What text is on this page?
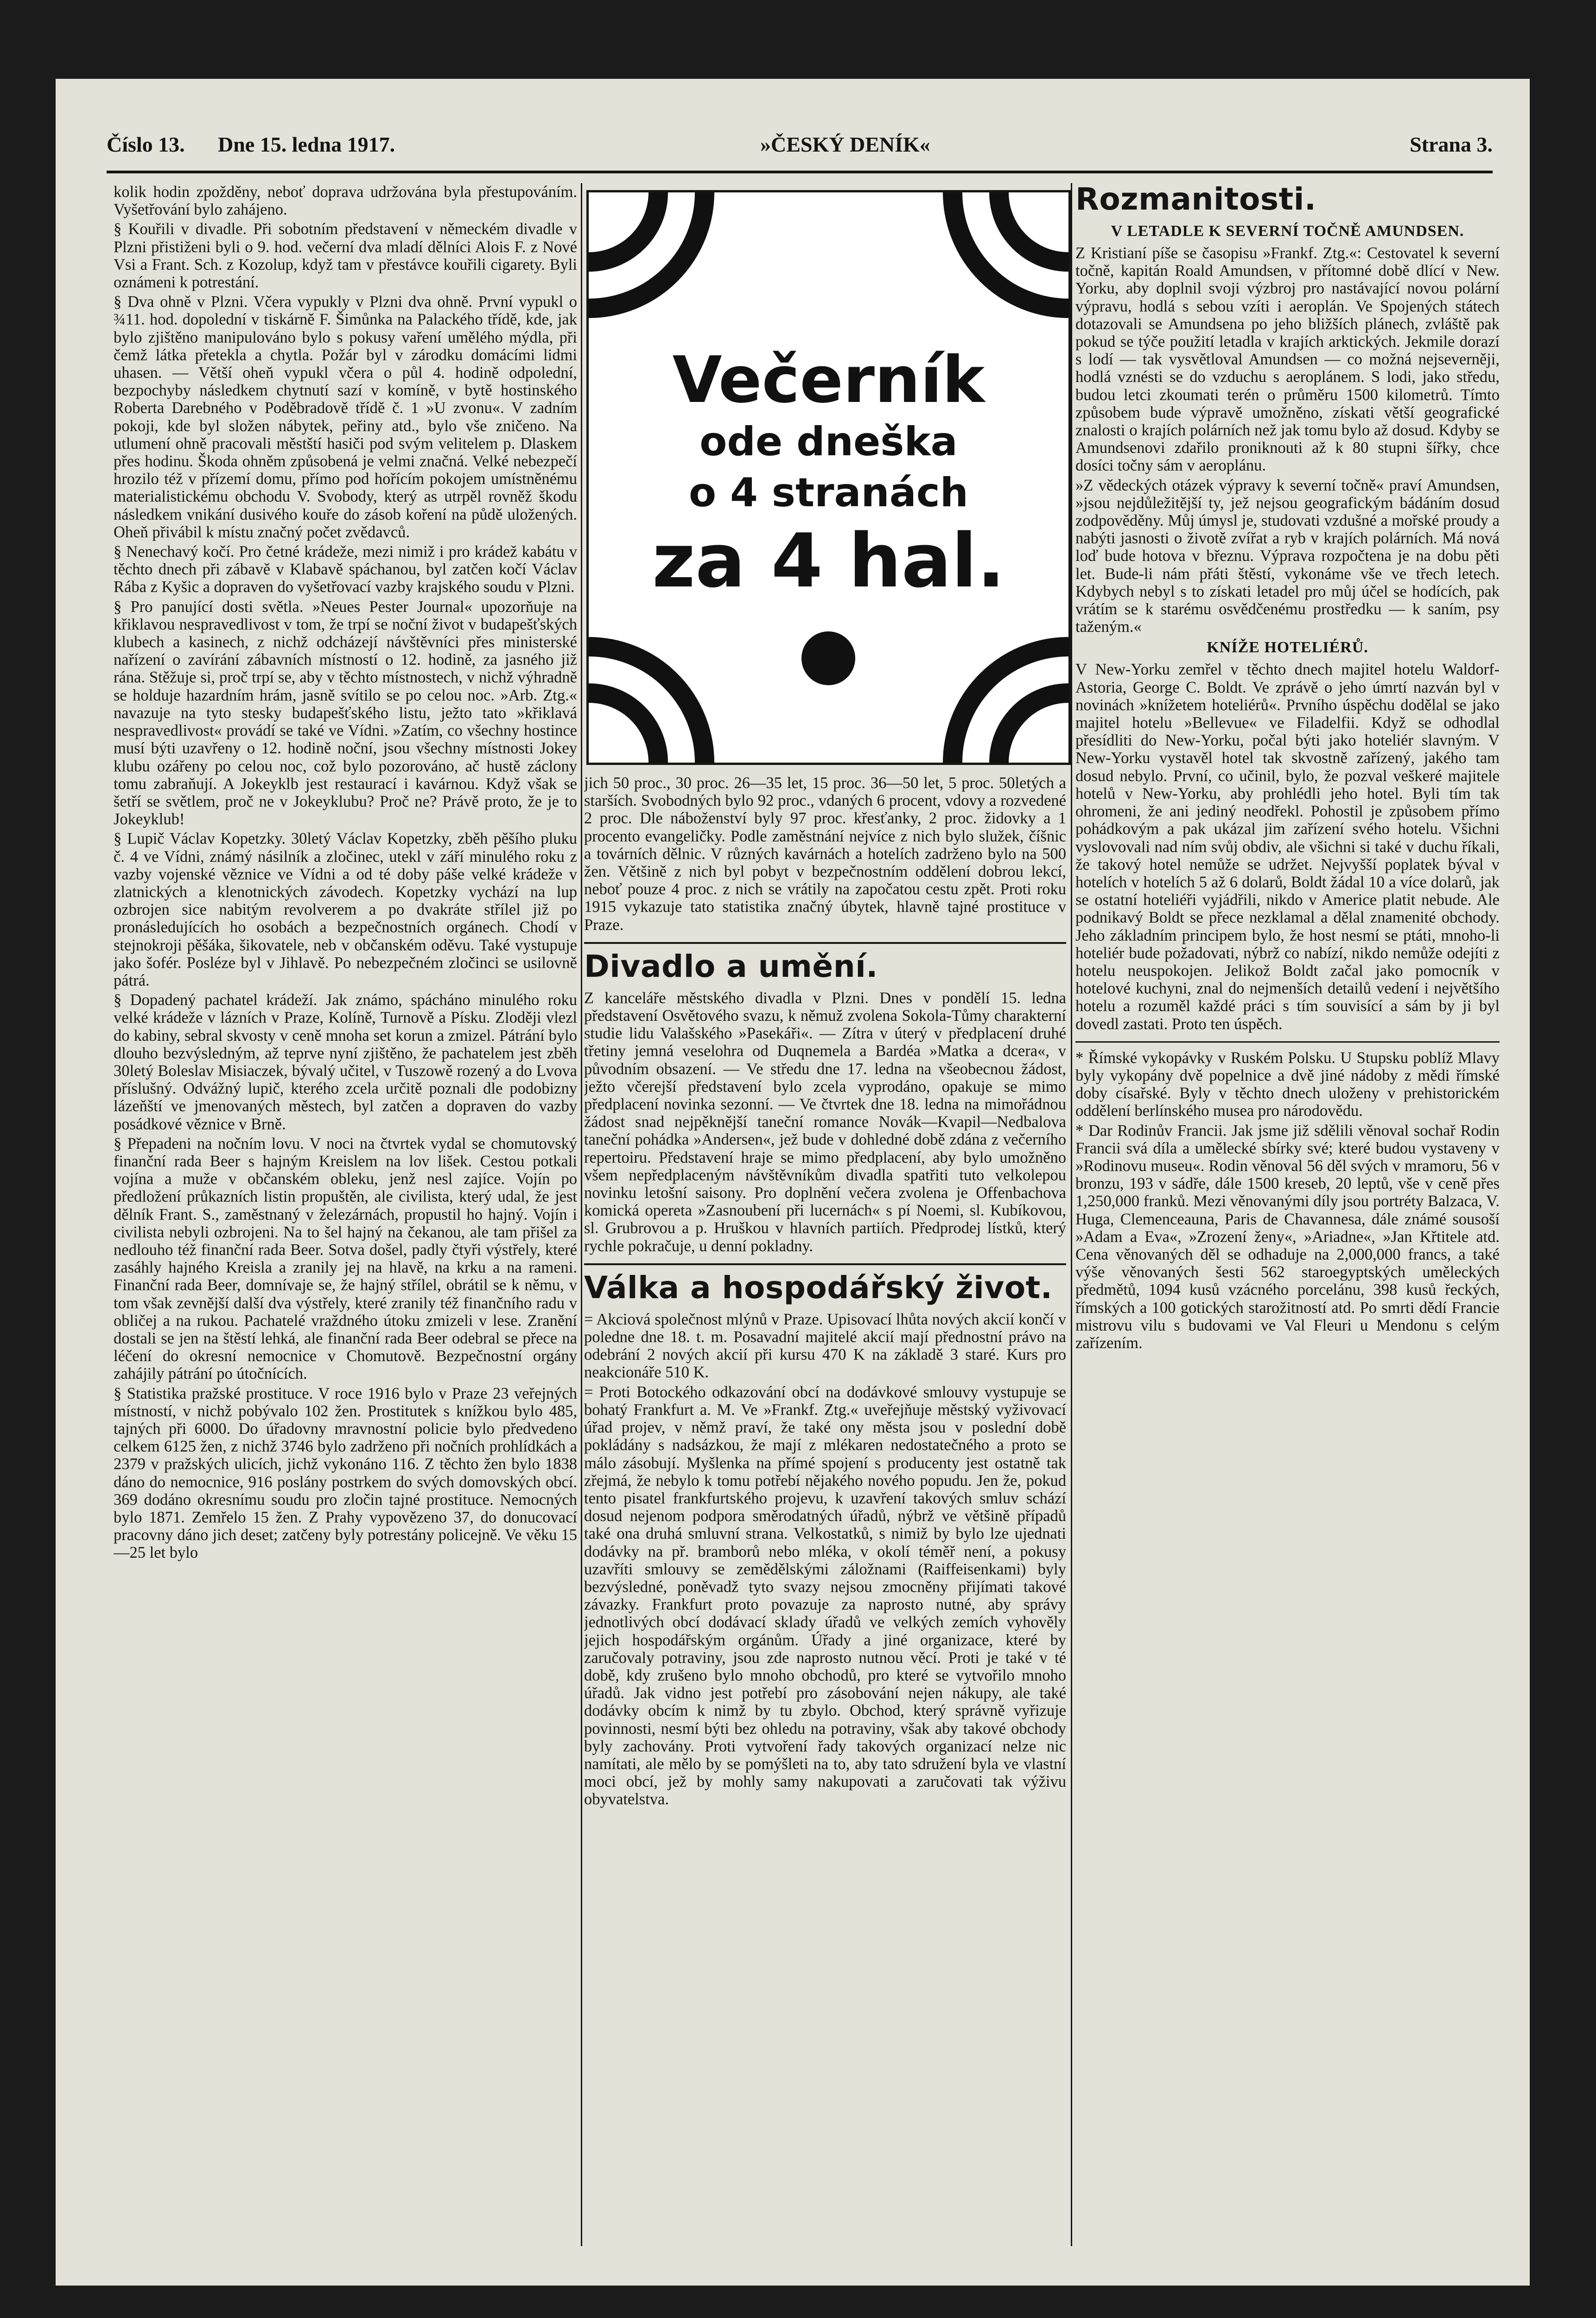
Číslo 13. Dne 15. ledna 1917.	»ČESKÝ DENÍK«	Strana 3.

kolik hodin zpožděny, neboť doprava udržována byla přestupováním. Vyšetřování bylo zahájeno.

§ Kouřili v divadle. Při sobotním představení v německém divadle v Plzni přistiženi byli o 9. hod. večerní dva mladí dělníci Alois F. z Nové Vsi a Frant. Sch. z Kozolup, když tam v přestávce kouřili cigarety. Byli oznámeni k potrestání.

§ Dva ohně v Plzni. Včera vypukly v Plzni dva ohně. První vypukl o ¾11. hod. dopolední v tiskárně F. Šimůnka na Palackého třídě, kde, jak bylo zjištěno manipulováno bylo s pokusy vaření umělého mýdla, při čemž látka přetekla a chytla. Požár byl v zárodku domácími lidmi uhasen. — Větší oheň vypukl včera o půl 4. hodině odpolední, bezpochyby následkem chytnutí sazí v komíně, v bytě hostinského Roberta Darebného v Poděbradově třídě č. 1 »U zvonu«. V zadním pokoji, kde byl složen nábytek, peřiny atd., bylo vše zničeno. Na utlumení ohně pracovali městští hasiči pod svým velitelem p. Dlaskem přes hodinu. Škoda ohněm způsobená je velmi značná. Velké nebezpečí hrozilo též v přízemí domu, přímo pod hořícím pokojem umístněnému materialistickému obchodu V. Svobody, který as utrpěl rovněž škodu následkem vnikání dusivého kouře do zásob koření na půdě uložených. Oheň přivábil k místu značný počet zvědavců.

§ Nenechavý kočí. Pro četné krádeže, mezi nimiž i pro krádež kabátu v těchto dnech při zábavě v Klabavě spáchanou, byl zatčen kočí Václav Rába z Kyšic a dopraven do vyšetřovací vazby krajského soudu v Plzni.

§ Pro panující dosti světla. »Neues Pester Journal« upozorňuje na křiklavou nespravedlivost v tom, že trpí se noční život v budapešťských klubech a kasinech, z nichž odcházejí návštěvníci přes ministerské nařízení o zavírání zábavních místností o 12. hodině, za jasného již rána. Stěžuje si, proč trpí se, aby v těchto místnostech, v nichž výhradně se holduje hazardním hrám, jasně svítilo se po celou noc. »Arb. Ztg.« navazuje na tyto stesky budapešťského listu, ježto tato »křiklavá nespravedlivost« provádí se také ve Vídni. »Zatím, co všechny hostince musí býti uzavřeny o 12. hodině noční, jsou všechny místnosti Jokey klubu ozářeny po celou noc, což bylo pozorováno, ač hustě záclony tomu zabraňují. A Jokeyklb jest restaurací i kavárnou. Když však se šetří se světlem, proč ne v Jokeyklubu? Proč ne? Právě proto, že je to Jokeyklub!

§ Lupič Václav Kopetzky. 30letý Václav Kopetzky, zběh pěšího pluku č. 4 ve Vídni, známý násilník a zločinec, utekl v září minulého roku z vazby vojenské věznice ve Vídni a od té doby páše velké krádeže v zlatnických a klenotnických závodech. Kopetzky vychází na lup ozbrojen sice nabitým revolverem a po dvakráte střílel již po pronásledujících ho osobách a bezpečnostních orgánech. Chodí v stejnokroji pěšáka, šikovatele, neb v občanském oděvu. Také vystupuje jako šofér. Posléze byl v Jihlavě. Po nebezpečném zločinci se usilovně pátrá.

§ Dopadený pachatel krádeží. Jak známo, spácháno minulého roku velké krádeže v lázních v Praze, Kolíně, Turnově a Písku. Zloději vlezl do kabiny, sebral skvosty v ceně mnoha set korun a zmizel. Pátrání bylo dlouho bezvýsledným, až teprve nyní zjištěno, že pachatelem jest zběh 30letý Boleslav Misiaczek, bývalý učitel, v Tuszowě rozený a do Lvova příslušný. Odvážný lupič, kterého zcela určitě poznali dle podobizny lázeňští ve jmenovaných městech, byl zatčen a dopraven do vazby posádkové věznice v Brně.

§ Přepadeni na nočním lovu. V noci na čtvrtek vydal se chomutovský finanční rada Beer s hajným Kreislem na lov lišek. Cestou potkali vojína a muže v občanském obleku, jenž nesl zajíce. Vojín po předložení průkazních listin propuštěn, ale civilista, který udal, že jest dělník Frant. S., zaměstnaný v železárnách, propustil ho hajný. Vojín i civilista nebyli ozbrojeni. Na to šel hajný na čekanou, ale tam přišel za nedlouho též finanční rada Beer. Sotva došel, padly čtyři výstřely, které zasáhly hajného Kreisla a zranily jej na hlavě, na krku a na rameni. Finanční rada Beer, domnívaje se, že hajný střílel, obrátil se k němu, v tom však zevnější další dva výstřely, které zranily též finančního radu v obličej a na rukou. Pachatelé vraždného útoku zmizeli v lese. Zranění dostali se jen na štěstí lehká, ale finanční rada Beer odebral se přece na léčení do okresní nemocnice v Chomutově. Bezpečnostní orgány zahájily pátrání po útočnících.

§ Statistika pražské prostituce. V roce 1916 bylo v Praze 23 veřejných místností, v nichž pobývalo 102 žen. Prostitutek s knížkou bylo 485, tajných při 6000. Do úřadovny mravnostní policie bylo předvedeno celkem 6125 žen, z nichž 3746 bylo zadrženo při nočních prohlídkách a 2379 v pražských ulicích, jichž vykonáno 116. Z těchto žen bylo 1838 dáno do nemocnice, 916 poslány postrkem do svých domovských obcí. 369 dodáno okresnímu soudu pro zločin tajné prostituce. Nemocných bylo 1871. Zemřelo 15 žen. Z Prahy vypovězeno 37, do donucovací pracovny dáno jich deset; zatčeny byly potrestány policejně. Ve věku 15—25 let bylo

Večerník
ode dneška
o 4 stranách
za 4 hal.

jich 50 proc., 30 proc. 26—35 let, 15 proc. 36—50 let, 5 proc. 50letých a starších. Svobodných bylo 92 proc., vdaných 6 procent, vdovy a rozvedené 2 proc. Dle náboženství byly 97 proc. křesťanky, 2 proc. židovky a 1 procento evangeličky. Podle zaměstnání nejvíce z nich bylo služek, číšnic a továrních dělnic. V různých kavárnách a hotelích zadrženo bylo na 500 žen. Většině z nich byl pobyt v bezpečnostním oddělení dobrou lekcí, neboť pouze 4 proc. z nich se vrátily na započatou cestu zpět. Proti roku 1915 vykazuje tato statistika značný úbytek, hlavně tajné prostituce v Praze.

Divadlo a umění.

Z kanceláře městského divadla v Plzni. Dnes v pondělí 15. ledna představení Osvětového svazu, k němuž zvolena Sokola-Tůmy charakterní studie lidu Valašského »Pasekáři«. — Zítra v úterý v předplacení druhé třetiny jemná veselohra od Duqnemela a Bardéa »Matka a dcera«, v původním obsazení. — Ve středu dne 17. ledna na všeobecnou žádost, ježto včerejší představení bylo zcela vyprodáno, opakuje se mimo předplacení novinka sezonní. — Ve čtvrtek dne 18. ledna na mimořádnou žádost snad nejpěknější taneční romance Novák—Kvapil—Nedbalova taneční pohádka »Andersen«, jež bude v dohledné době zdána z večerního repertoiru. Představení hraje se mimo předplacení, aby bylo umožněno všem nepředplaceným návštěvníkům divadla spatřiti tuto velkolepou novinku letošní saisony. Pro doplnění večera zvolena je Offenbachova komická opereta »Zasnoubení při lucernách« s pí Noemi, sl. Kubíkovou, sl. Grubrovou a p. Hruškou v hlavních partiích. Předprodej lístků, který rychle pokračuje, u denní pokladny.

Válka a hospodářský život.

= Akciová společnost mlýnů v Praze. Upisovací lhůta nových akcií končí v poledne dne 18. t. m. Posavadní majitelé akcií mají přednostní právo na odebrání 2 nových akcií při kursu 470 K na základě 3 staré. Kurs pro neakcionáře 510 K.

= Proti Botockého odkazování obcí na dodávkové smlouvy vystupuje se bohatý Frankfurt a. M. Ve »Frankf. Ztg.« uveřejňuje městský vyživovací úřad projev, v němž praví, že také ony města jsou v poslední době pokládány s nadsázkou, že mají z mlékaren nedostatečného a proto se málo zásobují. Myšlenka na přímé spojení s producenty jest ostatně tak zřejmá, že nebylo k tomu potřebí nějakého nového popudu. Jen že, pokud tento pisatel frankfurtského projevu, k uzavření takových smluv schází dosud nejenom podpora směrodatných úřadů, nýbrž ve většině případů také ona druhá smluvní strana. Velkostatků, s nimiž by bylo lze ujednati dodávky na př. bramborů nebo mléka, v okolí téměř není, a pokusy uzavříti smlouvy se zemědělskými záložnami (Raiffeisenkami) byly bezvýsledné, poněvadž tyto svazy nejsou zmocněny přijímati takové závazky. Frankfurt proto povazuje za naprosto nutné, aby správy jednotlivých obcí dodávací sklady úřadů ve velkých zemích vyhověly jejich hospodářským orgánům. Úřady a jiné organizace, které by zaručovaly potraviny, jsou zde naprosto nutnou věcí. Proti je také v té době, kdy zrušeno bylo mnoho obchodů, pro které se vytvořilo mnoho úřadů. Jak vidno jest potřebí pro zásobování nejen nákupy, ale také dodávky obcím k nimž by tu zbylo. Obchod, který správně vyřizuje povinnosti, nesmí býti bez ohledu na potraviny, však aby takové obchody byly zachovány. Proti vytvoření řady takových organizací nelze nic namítati, ale mělo by se pomýšleti na to, aby tato sdružení byla ve vlastní moci obcí, jež by mohly samy nakupovati a zaručovati tak výživu obyvatelstva.

Rozmanitosti.
V LETADLE K SEVERNÍ TOČNĚ AMUNDSEN.

Z Kristianí píše se časopisu »Frankf. Ztg.«: Cestovatel k severní točně, kapitán Roald Amundsen, v přítomné době dlící v New. Yorku, aby doplnil svoji výzbroj pro nastávající novou polární výpravu, hodlá s sebou vzíti i aeroplán. Ve Spojených státech dotazovali se Amundsena po jeho bližších plánech, zvláště pak pokud se týče použití letadla v krajích arktických. Jekmile dorazí s lodí — tak vysvětloval Amundsen — co možná nejseverněji, hodlá vznésti se do vzduchu s aeroplánem. S lodi, jako středu, budou letci zkoumati terén o průměru 1500 kilometrů. Tímto způsobem bude výpravě umožněno, získati větší geografické znalosti o krajích polárních než jak tomu bylo až dosud. Kdyby se Amundsenovi zdařilo proniknouti až k 80 stupni šířky, chce dosíci točny sám v aeroplánu.

»Z vědeckých otázek výpravy k severní točně« praví Amundsen, »jsou nejdůležitější ty, jež nejsou geografickým bádáním dosud zodpověděny. Můj úmysl je, studovati vzdušné a mořské proudy a nabýti jasnosti o životě zvířat a ryb v krajích polárních. Má nová loď bude hotova v březnu. Výprava rozpočtena je na dobu pěti let. Bude-li nám přáti štěstí, vykonáme vše ve třech letech. Kdybych nebyl s to získati letadel pro můj účel se hodících, pak vrátím se k starému osvědčenému prostředku — k saním, psy taženým.«

KNÍŽE HOTELIÉRŮ.

V New-Yorku zemřel v těchto dnech majitel hotelu Waldorf-Astoria, George C. Boldt. Ve zprávě o jeho úmrtí nazván byl v novinách »knížetem hoteliérů«. Prvního úspěchu dodělal se jako majitel hotelu »Bellevue« ve Filadelfii. Když se odhodlal přesídliti do New-Yorku, počal býti jako hoteliér slavným. V New-Yorku vystavěl hotel tak skvostně zařízený, jakého tam dosud nebylo. První, co učinil, bylo, že pozval veškeré majitele hotelů v New-Yorku, aby prohlédli jeho hotel. Byli tím tak ohromeni, že ani jediný neodřekl. Pohostil je způsobem přímo pohádkovým a pak ukázal jim zařízení svého hotelu. Všichni vyslovovali nad ním svůj obdiv, ale všichni si také v duchu říkali, že takový hotel nemůže se udržet. Nejvyšší poplatek býval v hotelích v hotelích 5 až 6 dolarů, Boldt žádal 10 a více dolarů, jak se ostatní hoteliéři vyjádřili, nikdo v Americe platit nebude. Ale podnikavý Boldt se přece nezklamal a dělal znamenité obchody. Jeho základním principem bylo, že host nesmí se ptáti, mnoho-li hoteliér bude požadovati, nýbrž co nabízí, nikdo nemůže odejíti z hotelu neuspokojen. Jelikož Boldt začal jako pomocník v hotelové kuchyni, znal do nejmenších detailů vedení i největšího hotelu a rozuměl každé práci s tím souvisící a sám by ji byl dovedl zastati. Proto ten úspěch.

* Římské vykopávky v Ruském Polsku. U Stupsku poblíž Mlavy byly vykopány dvě popelnice a dvě jiné nádoby z mědi římské doby císařské. Byly v těchto dnech uloženy v prehistorickém oddělení berlínského musea pro národovědu.

* Dar Rodinův Francii. Jak jsme již sdělili věnoval sochař Rodin Francii svá díla a umělecké sbírky své; které budou vystaveny v »Rodinovu museu«. Rodin věnoval 56 děl svých v mramoru, 56 v bronzu, 193 v sádře, dále 1500 kreseb, 20 leptů, vše v ceně přes 1,250,000 franků. Mezi věnovanými díly jsou portréty Balzaca, V. Huga, Clemenceauna, Paris de Chavannesa, dále známé sousoší »Adam a Eva«, »Zrození ženy«, »Ariadne«, »Jan Křtitele atd. Cena věnovaných děl se odhaduje na 2,000,000 francs, a také výše věnovaných šesti 562 staroegyptských uměleckých předmětů, 1094 kusů vzácného porcelánu, 398 kusů řeckých, římských a 100 gotických starožitností atd. Po smrti dědí Francie mistrovu vilu s budovami ve Val Fleuri u Mendonu s celým zařízením.
